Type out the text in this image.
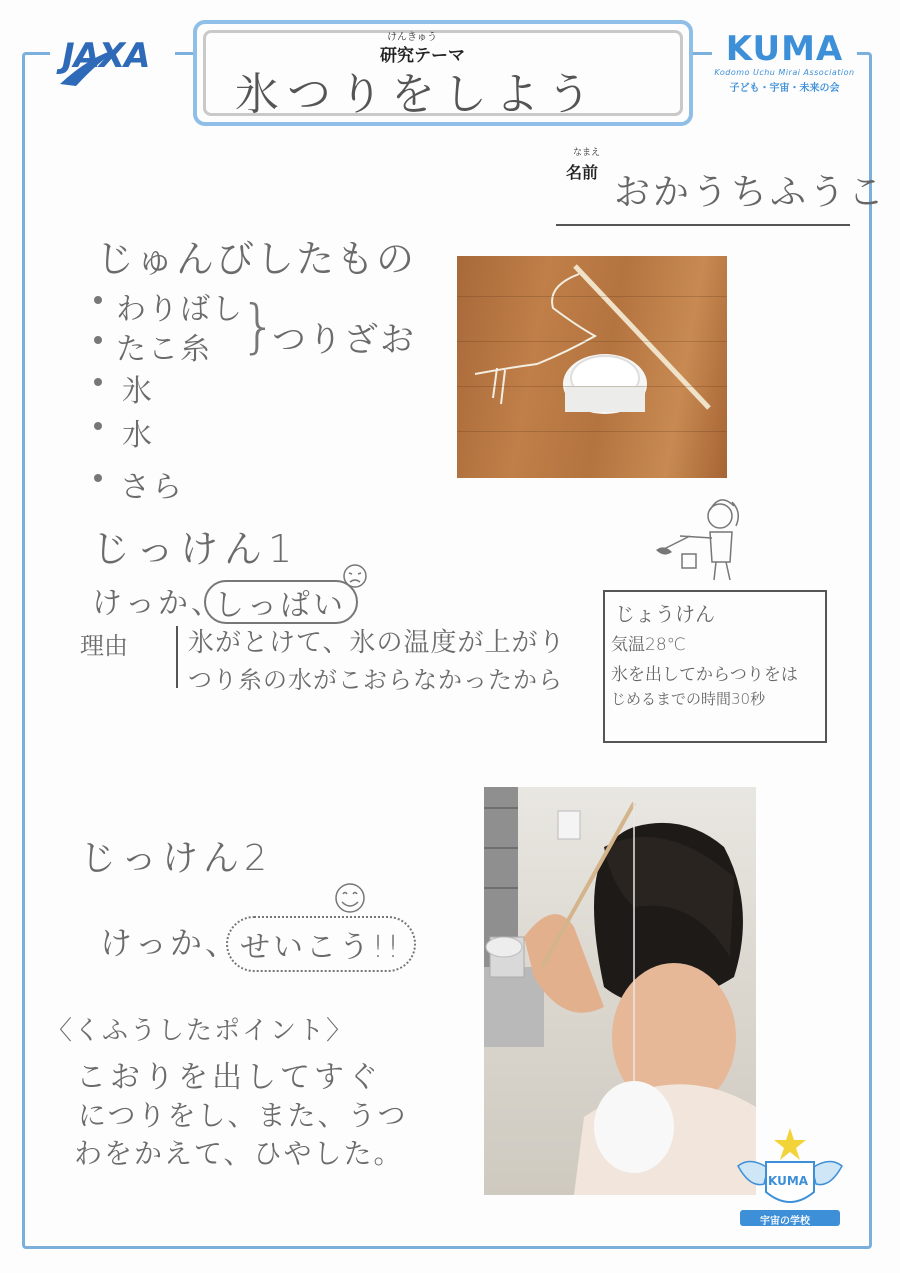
JAXA	KUMA
Kodomo Uchu Mirai Association
子ども・宇宙・未来の会
けんきゅう
研究テーマ
氷つりをしよう
なまえ
名前 おかうちふうこ
じゅんびしたもの
わりばし
たこ糸 }
つりざお
氷
水
さら
じっけん1
けっか、
しっぱい
理由 氷がとけて、氷の温度が上がり
つり糸の水がこおらなかったから
じょうけん
気温28℃
氷を出してからつりをは
じめるまでの時間30秒
じっけん2
けっか、 せいこう!!
〈くふうしたポイント〉
こおりを出してすぐ
につりをし、また、うつ
わをかえて、ひやした。
KUMA
宇宙の学校
